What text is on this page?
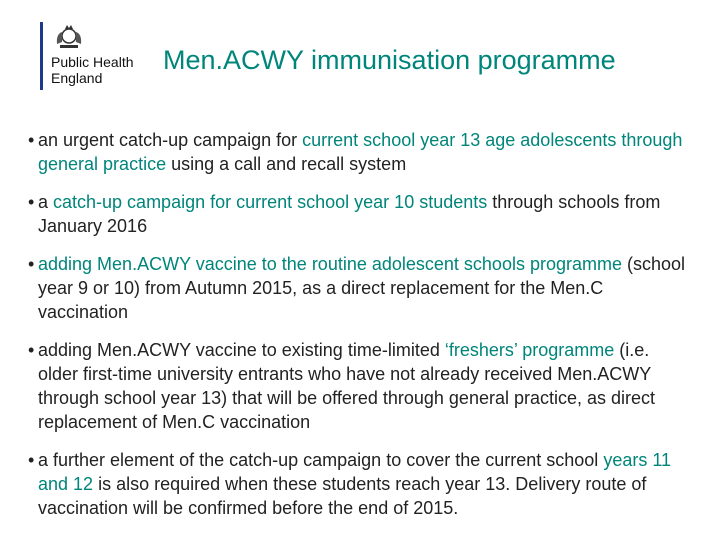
Public Health
England
Men.ACWY immunisation programme
• an urgent catch-up campaign for current school year 13 age adolescents through general practice using a call and recall system
• a catch-up campaign for current school year 10 students through schools from January 2016
• adding Men.ACWY vaccine to the routine adolescent schools programme (school year 9 or 10) from Autumn 2015, as a direct replacement for the Men.C vaccination
• adding Men.ACWY vaccine to existing time-limited ‘freshers’ programme (i.e. older first-time university entrants who have not already received Men.ACWY through school year 13) that will be offered through general practice, as direct replacement of Men.C vaccination
• a further element of the catch-up campaign to cover the current school years 11 and 12 is also required when these students reach year 13. Delivery route of vaccination will be confirmed before the end of 2015.
